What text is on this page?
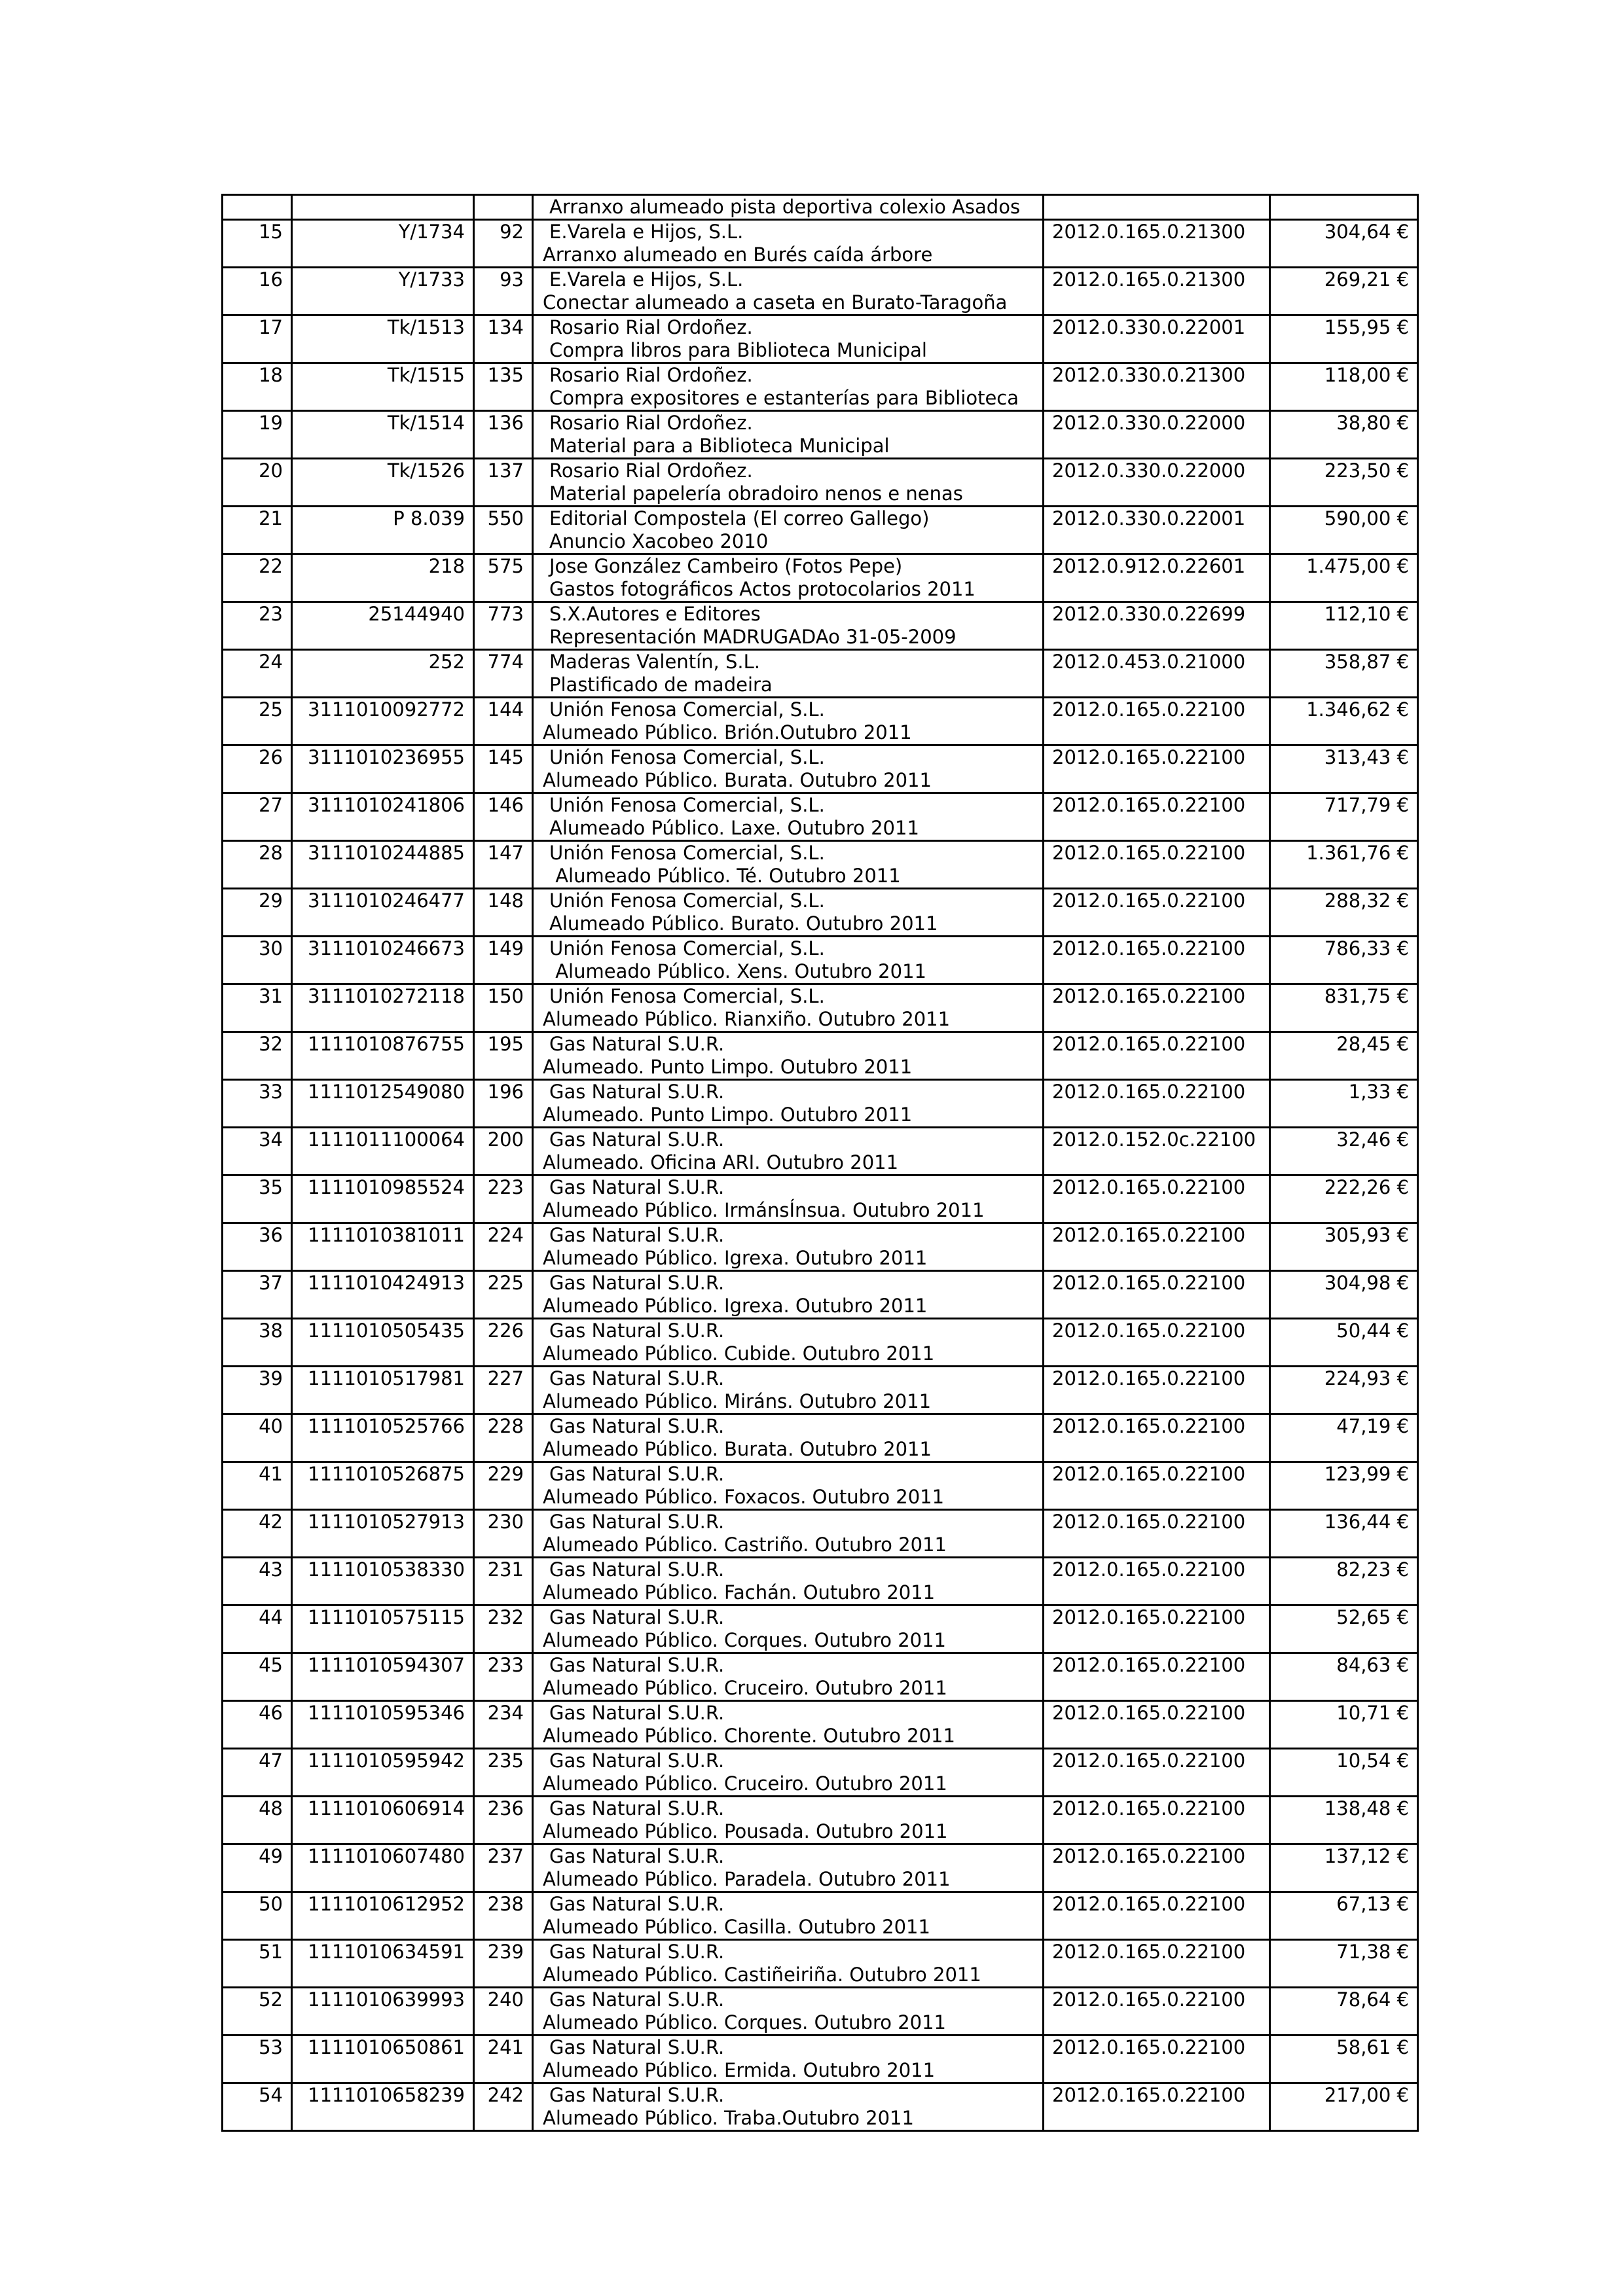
			Arranxo alumeado pista deportiva colexio Asados		

15	Y/1734	92	E.Varela e Hijos, S.L.
Arranxo alumeado en Burés caída árbore	2012.0.165.0.21300	304,64 €
16	Y/1733	93	E.Varela e Hijos, S.L.
Conectar alumeado a caseta en Burato-Taragoña	2012.0.165.0.21300	269,21 €
17	Tk/1513	134	Rosario Rial Ordoñez.
Compra libros para Biblioteca Municipal	2012.0.330.0.22001	155,95 €
18	Tk/1515	135	Rosario Rial Ordoñez.
Compra expositores e estanterías para Biblioteca	2012.0.330.0.21300	118,00 €
19	Tk/1514	136	Rosario Rial Ordoñez.
Material para a Biblioteca Municipal	2012.0.330.0.22000	38,80 €
20	Tk/1526	137	Rosario Rial Ordoñez.
Material papelería obradoiro nenos e nenas	2012.0.330.0.22000	223,50 €
21	P 8.039	550	Editorial Compostela (El correo Gallego)
Anuncio Xacobeo 2010	2012.0.330.0.22001	590,00 €
22	218	575	Jose González Cambeiro (Fotos Pepe)
Gastos fotográficos Actos protocolarios 2011	2012.0.912.0.22601	1.475,00 €
23	25144940	773	S.X.Autores e Editores
Representación MADRUGADAo 31-05-2009	2012.0.330.0.22699	112,10 €
24	252	774	Maderas Valentín, S.L.
Plastificado de madeira	2012.0.453.0.21000	358,87 €
25	3111010092772	144	Unión Fenosa Comercial, S.L.
Alumeado Público. Brión.Outubro 2011	2012.0.165.0.22100	1.346,62 €
26	3111010236955	145	Unión Fenosa Comercial, S.L.
Alumeado Público. Burata. Outubro 2011	2012.0.165.0.22100	313,43 €
27	3111010241806	146	Unión Fenosa Comercial, S.L.
Alumeado Público. Laxe. Outubro 2011	2012.0.165.0.22100	717,79 €
28	3111010244885	147	Unión Fenosa Comercial, S.L.
Alumeado Público. Té. Outubro 2011	2012.0.165.0.22100	1.361,76 €
29	3111010246477	148	Unión Fenosa Comercial, S.L.
Alumeado Público. Burato. Outubro 2011	2012.0.165.0.22100	288,32 €
30	3111010246673	149	Unión Fenosa Comercial, S.L.
Alumeado Público. Xens. Outubro 2011	2012.0.165.0.22100	786,33 €
31	3111010272118	150	Unión Fenosa Comercial, S.L.
Alumeado Público. Rianxiño. Outubro 2011	2012.0.165.0.22100	831,75 €
32	1111010876755	195	Gas Natural S.U.R.
Alumeado. Punto Limpo. Outubro 2011	2012.0.165.0.22100	28,45 €
33	1111012549080	196	Gas Natural S.U.R.
Alumeado. Punto Limpo. Outubro 2011	2012.0.165.0.22100	1,33 €
34	1111011100064	200	Gas Natural S.U.R.
Alumeado. Oficina ARI. Outubro 2011	2012.0.152.0c.22100	32,46 €
35	1111010985524	223	Gas Natural S.U.R.
Alumeado Público. IrmánsÍnsua. Outubro 2011	2012.0.165.0.22100	222,26 €
36	1111010381011	224	Gas Natural S.U.R.
Alumeado Público. Igrexa. Outubro 2011	2012.0.165.0.22100	305,93 €
37	1111010424913	225	Gas Natural S.U.R.
Alumeado Público. Igrexa. Outubro 2011	2012.0.165.0.22100	304,98 €
38	1111010505435	226	Gas Natural S.U.R.
Alumeado Público. Cubide. Outubro 2011	2012.0.165.0.22100	50,44 €
39	1111010517981	227	Gas Natural S.U.R.
Alumeado Público. Miráns. Outubro 2011	2012.0.165.0.22100	224,93 €
40	1111010525766	228	Gas Natural S.U.R.
Alumeado Público. Burata. Outubro 2011	2012.0.165.0.22100	47,19 €
41	1111010526875	229	Gas Natural S.U.R.
Alumeado Público. Foxacos. Outubro 2011	2012.0.165.0.22100	123,99 €
42	1111010527913	230	Gas Natural S.U.R.
Alumeado Público. Castriño. Outubro 2011	2012.0.165.0.22100	136,44 €
43	1111010538330	231	Gas Natural S.U.R.
Alumeado Público. Fachán. Outubro 2011	2012.0.165.0.22100	82,23 €
44	1111010575115	232	Gas Natural S.U.R.
Alumeado Público. Corques. Outubro 2011	2012.0.165.0.22100	52,65 €
45	1111010594307	233	Gas Natural S.U.R.
Alumeado Público. Cruceiro. Outubro 2011	2012.0.165.0.22100	84,63 €
46	1111010595346	234	Gas Natural S.U.R.
Alumeado Público. Chorente. Outubro 2011	2012.0.165.0.22100	10,71 €
47	1111010595942	235	Gas Natural S.U.R.
Alumeado Público. Cruceiro. Outubro 2011	2012.0.165.0.22100	10,54 €
48	1111010606914	236	Gas Natural S.U.R.
Alumeado Público. Pousada. Outubro 2011	2012.0.165.0.22100	138,48 €
49	1111010607480	237	Gas Natural S.U.R.
Alumeado Público. Paradela. Outubro 2011	2012.0.165.0.22100	137,12 €
50	1111010612952	238	Gas Natural S.U.R.
Alumeado Público. Casilla. Outubro 2011	2012.0.165.0.22100	67,13 €
51	1111010634591	239	Gas Natural S.U.R.
Alumeado Público. Castiñeiriña. Outubro 2011	2012.0.165.0.22100	71,38 €
52	1111010639993	240	Gas Natural S.U.R.
Alumeado Público. Corques. Outubro 2011	2012.0.165.0.22100	78,64 €
53	1111010650861	241	Gas Natural S.U.R.
Alumeado Público. Ermida. Outubro 2011	2012.0.165.0.22100	58,61 €
54	1111010658239	242	Gas Natural S.U.R.
Alumeado Público. Traba.Outubro 2011	2012.0.165.0.22100	217,00 €
